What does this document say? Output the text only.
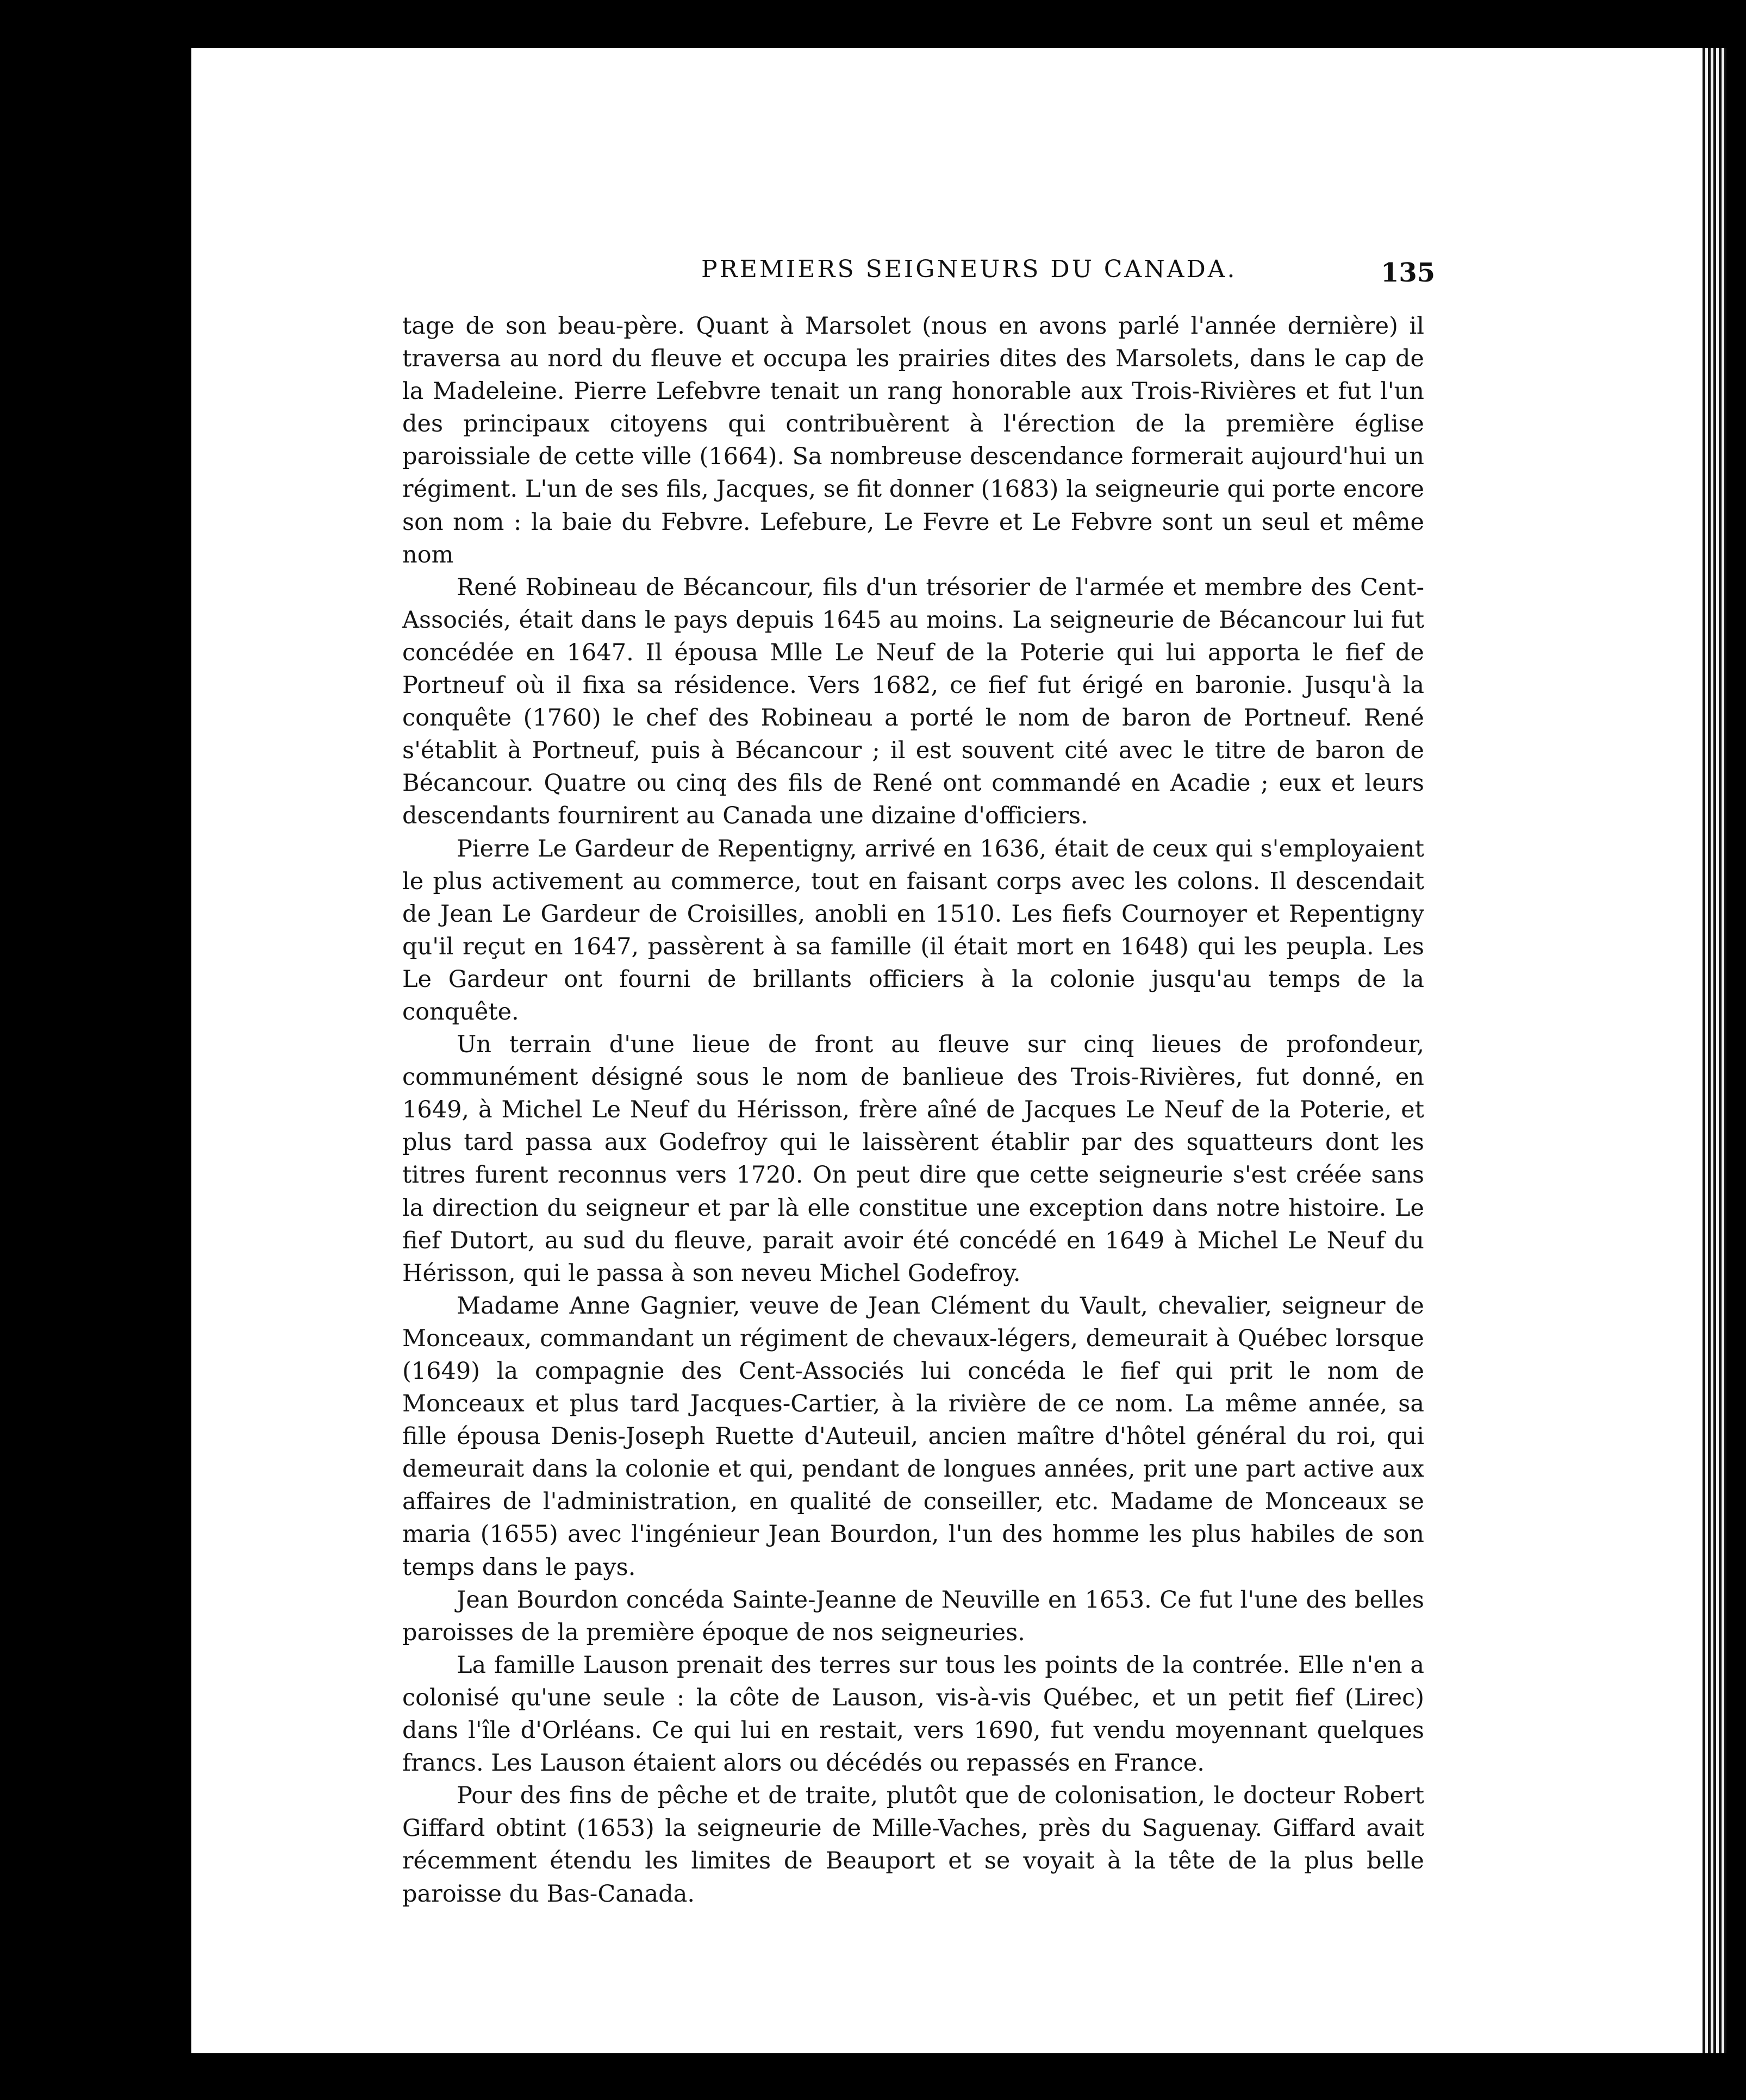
PREMIERS SEIGNEURS DU CANADA.	135

tage de son beau-père. Quant à Marsolet (nous en avons parlé l'année dernière) il traversa au nord du fleuve et occupa les prairies dites des Marsolets, dans le cap de la Madeleine. Pierre Lefebvre tenait un rang honorable aux Trois-Rivières et fut l'un des principaux citoyens qui contribuèrent à l'érection de la première église paroissiale de cette ville (1664). Sa nombreuse descendance formerait aujourd'hui un régiment. L'un de ses fils, Jacques, se fit donner (1683) la seigneurie qui porte encore son nom : la baie du Febvre. Lefebure, Le Fevre et Le Febvre sont un seul et même nom

René Robineau de Bécancour, fils d'un trésorier de l'armée et membre des Cent-Associés, était dans le pays depuis 1645 au moins. La seigneurie de Bécancour lui fut concédée en 1647. Il épousa Mlle Le Neuf de la Poterie qui lui apporta le fief de Portneuf où il fixa sa résidence. Vers 1682, ce fief fut érigé en baronie. Jusqu'à la conquête (1760) le chef des Robineau a porté le nom de baron de Portneuf. René s'établit à Portneuf, puis à Bécancour ; il est souvent cité avec le titre de baron de Bécancour. Quatre ou cinq des fils de René ont commandé en Acadie ; eux et leurs descendants fournirent au Canada une dizaine d'officiers.

Pierre Le Gardeur de Repentigny, arrivé en 1636, était de ceux qui s'employaient le plus activement au commerce, tout en faisant corps avec les colons. Il descendait de Jean Le Gardeur de Croisilles, anobli en 1510. Les fiefs Cournoyer et Repentigny qu'il reçut en 1647, passèrent à sa famille (il était mort en 1648) qui les peupla. Les Le Gardeur ont fourni de brillants officiers à la colonie jusqu'au temps de la conquête.

Un terrain d'une lieue de front au fleuve sur cinq lieues de profondeur, communément désigné sous le nom de banlieue des Trois-Rivières, fut donné, en 1649, à Michel Le Neuf du Hérisson, frère aîné de Jacques Le Neuf de la Poterie, et plus tard passa aux Godefroy qui le laissèrent établir par des squatteurs dont les titres furent reconnus vers 1720. On peut dire que cette seigneurie s'est créée sans la direction du seigneur et par là elle constitue une exception dans notre histoire. Le fief Dutort, au sud du fleuve, parait avoir été concédé en 1649 à Michel Le Neuf du Hérisson, qui le passa à son neveu Michel Godefroy.

Madame Anne Gagnier, veuve de Jean Clément du Vault, chevalier, seigneur de Monceaux, commandant un régiment de chevaux-légers, demeurait à Québec lorsque (1649) la compagnie des Cent-Associés lui concéda le fief qui prit le nom de Monceaux et plus tard Jacques-Cartier, à la rivière de ce nom. La même année, sa fille épousa Denis-Joseph Ruette d'Auteuil, ancien maître d'hôtel général du roi, qui demeurait dans la colonie et qui, pendant de longues années, prit une part active aux affaires de l'administration, en qualité de conseiller, etc. Madame de Monceaux se maria (1655) avec l'ingénieur Jean Bourdon, l'un des homme les plus habiles de son temps dans le pays.

Jean Bourdon concéda Sainte-Jeanne de Neuville en 1653. Ce fut l'une des belles paroisses de la première époque de nos seigneuries.

La famille Lauson prenait des terres sur tous les points de la contrée. Elle n'en a colonisé qu'une seule : la côte de Lauson, vis-à-vis Québec, et un petit fief (Lirec) dans l'île d'Orléans. Ce qui lui en restait, vers 1690, fut vendu moyennant quelques francs. Les Lauson étaient alors ou décédés ou repassés en France.

Pour des fins de pêche et de traite, plutôt que de colonisation, le docteur Robert Giffard obtint (1653) la seigneurie de Mille-Vaches, près du Saguenay. Giffard avait récemment étendu les limites de Beauport et se voyait à la tête de la plus belle paroisse du Bas-Canada.
